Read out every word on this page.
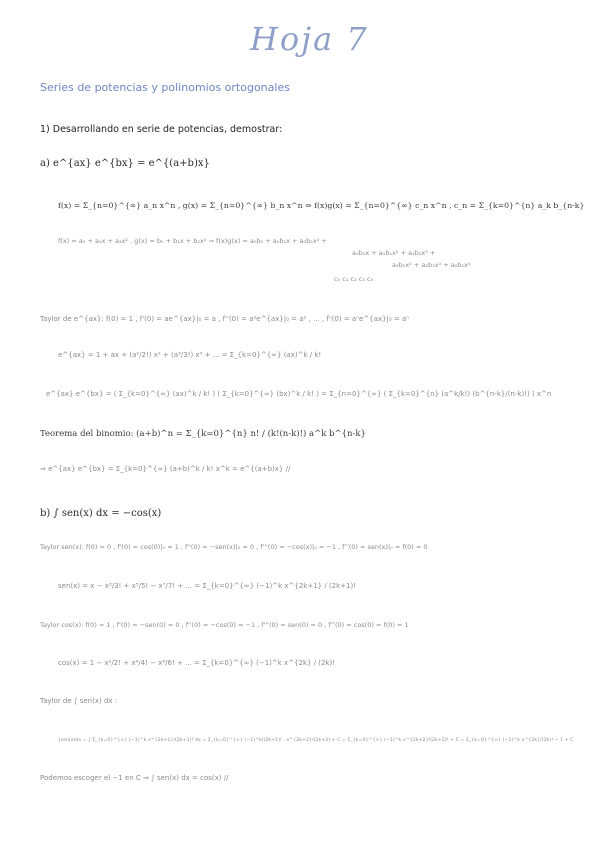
Hoja 7
Series de potencias y polinomios ortogonales
1) Desarrollando en serie de potencias, demostrar:
a) e^{ax} e^{bx} = e^{(a+b)x}
f(x) = Σ_{n=0}^{∞} a_n x^n , g(x) = Σ_{n=0}^{∞} b_n x^n ⇒ f(x)g(x) = Σ_{n=0}^{∞} c_n x^n , c_n = Σ_{k=0}^{n} a_k b_{n-k}
f(x) = a₀ + a₁x + a₂x² , g(x) = b₀ + b₁x + b₂x² ⇒ f(x)g(x) = a₀b₀ + a₀b₁x + a₀b₂x² +
a₁b₀x + a₁b₁x² + a₁b₂x³ +
a₂b₀x² + a₂b₁x³ + a₂b₂x⁴
c₀ c₁ c₂ c₃ c₄
Taylor de e^{ax}: f(0) = 1 , f'(0) = ae^{ax}|₀ = a , f''(0) = a²e^{ax}|₀ = a² , ... , fⁿ(0) = aⁿe^{ax}|₀ = aⁿ
e^{ax} = 1 + ax + (a²/2!) x² + (a³/3!) x³ + ... = Σ_{k=0}^{∞} (ax)^k / k!
e^{ax} e^{bx} = ( Σ_{k=0}^{∞} (ax)^k / k! ) ( Σ_{k=0}^{∞} (bx)^k / k! ) = Σ_{n=0}^{∞} ( Σ_{k=0}^{n} (a^k/k!) (b^{n-k}/(n-k)!) ) x^n
Teorema del binomio: (a+b)^n = Σ_{k=0}^{n} n! / (k!(n-k)!) a^k b^{n-k}
⇒ e^{ax} e^{bx} = Σ_{k=0}^{∞} (a+b)^k / k! x^k = e^{(a+b)x} //
b) ∫ sen(x) dx = −cos(x)
Taylor sen(x): f(0) = 0 , f'(0) = cos(0)|₀ = 1 , f''(0) = −sen(x)|₀ = 0 , f'''(0) = −cos(x)|₀ = −1 , f⁗(0) = sen(x)|₀ = f(0) = 0
sen(x) = x − x³/3! + x⁵/5! − x⁷/7! + ... = Σ_{k=0}^{∞} (−1)^k x^{2k+1} / (2k+1)!
Taylor cos(x): f(0) = 1 , f'(0) = −sen(0) = 0 , f''(0) = −cos(0) = −1 , f'''(0) = sen(0) = 0 , f⁗(0) = cos(0) = f(0) = 1
cos(x) = 1 − x²/2! + x⁴/4! − x⁶/6! + ... = Σ_{k=0}^{∞} (−1)^k x^{2k} / (2k)!
Taylor de ∫ sen(x) dx :
∫sen(x)dx = ∫ Σ_{k=0}^{∞} (−1)^k x^{2k+1}/(2k+1)! dx = Σ_{k=0}^{∞} (−1)^k/(2k+1)! · x^{2k+2}/(2k+2) + C = Σ_{k=0}^{∞} (−1)^k x^{2k+2}/(2k+2)! + C = Σ_{k=0}^{∞} (−1)^k x^{2k}/(2k)! − 1 + C
Podemos escoger el −1 en C ⇒ ∫ sen(x) dx = cos(x) //
